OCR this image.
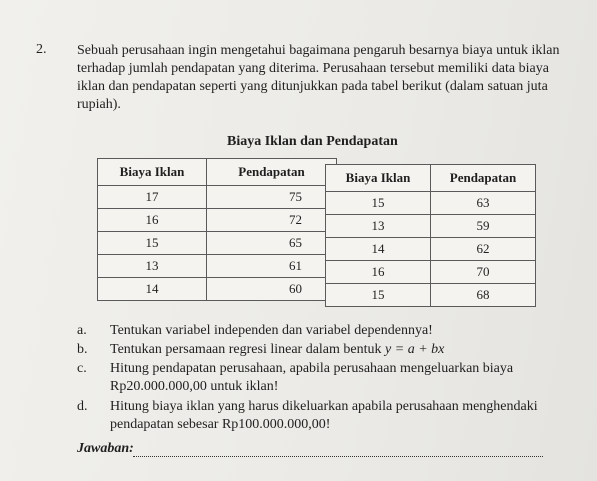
2. Sebuah perusahaan ingin mengetahui bagaimana pengaruh besarnya biaya untuk iklan terhadap jumlah pendapatan yang diterima. Perusahaan tersebut memiliki data biaya iklan dan pendapatan seperti yang ditunjukkan pada tabel berikut (dalam satuan juta rupiah).
Biaya Iklan dan Pendapatan
Biaya Iklan	Pendapatan
17	75
16	72
15	65
13	61
14	60
Biaya Iklan	Pendapatan
15	63
13	59
14	62
16	70
15	68
a. Tentukan variabel independen dan variabel dependennya!
b. Tentukan persamaan regresi linear dalam bentuk y = a + bx
c. Hitung pendapatan perusahaan, apabila perusahaan mengeluarkan biaya Rp20.000.000,00 untuk iklan!
d. Hitung biaya iklan yang harus dikeluarkan apabila perusahaan menghendaki pendapatan sebesar Rp100.000.000,00!
Jawaban:
